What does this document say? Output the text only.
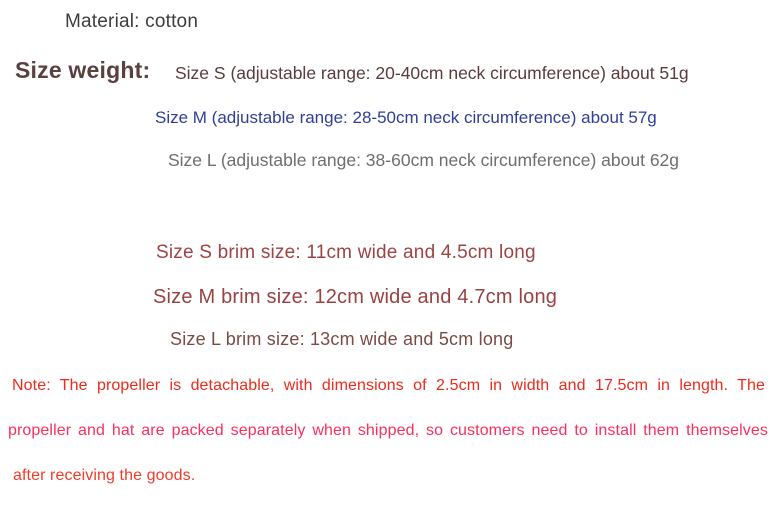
Material: cotton
Size weight: Size S (adjustable range: 20-40cm neck circumference) about 51g
Size M (adjustable range: 28-50cm neck circumference) about 57g
Size L (adjustable range: 38-60cm neck circumference) about 62g
Size S brim size: 11cm wide and 4.5cm long
Size M brim size: 12cm wide and 4.7cm long
Size L brim size: 13cm wide and 5cm long
Note: The propeller is detachable, with dimensions of 2.5cm in width and 17.5cm in length. The
propeller and hat are packed separately when shipped, so customers need to install them themselves
after receiving the goods.
